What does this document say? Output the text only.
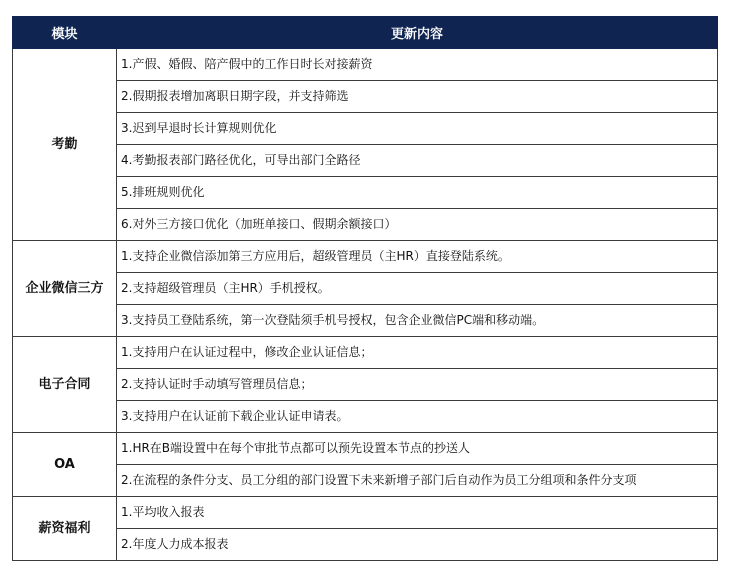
模块	更新内容
考勤	1.产假、婚假、陪产假中的工作日时长对接薪资
	2.假期报表增加离职日期字段，并支持筛选
	3.迟到早退时长计算规则优化
	4.考勤报表部门路径优化，可导出部门全路径
	5.排班规则优化
	6.对外三方接口优化（加班单接口、假期余额接口）
企业微信三方	1.支持企业微信添加第三方应用后，超级管理员（主HR）直接登陆系统。
	2.支持超级管理员（主HR）手机授权。
	3.支持员工登陆系统，第一次登陆须手机号授权，包含企业微信PC端和移动端。
电子合同	1.支持用户在认证过程中，修改企业认证信息；
	2.支持认证时手动填写管理员信息；
	3.支持用户在认证前下载企业认证申请表。
OA	1.HR在B端设置中在每个审批节点都可以预先设置本节点的抄送人
	2.在流程的条件分支、员工分组的部门设置下未来新增子部门后自动作为员工分组项和条件分支项
薪资福利	1.平均收入报表
	2.年度人力成本报表
